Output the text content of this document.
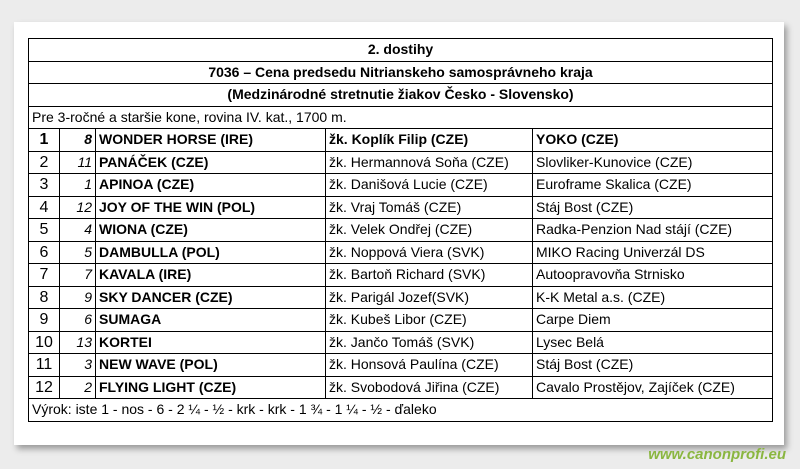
2. dostihy				
7036 – Cena predsedu Nitrianskeho samosprávneho kraja				
(Medzinárodné stretnutie žiakov Česko - Slovensko)				
Pre 3-ročné a staršie kone, rovina IV. kat., 1700 m.				
1	8	WONDER HORSE (IRE)	žk. Koplík Filip (CZE)	YOKO (CZE)
2	11	PANÁČEK (CZE)	žk. Hermannová Soňa (CZE)	Slovliker-Kunovice (CZE)
3	1	APINOA (CZE)	žk. Danišová Lucie (CZE)	Euroframe Skalica (CZE)
4	12	JOY OF THE WIN (POL)	žk. Vraj Tomáš (CZE)	Stáj Bost (CZE)
5	4	WIONA (CZE)	žk. Velek Ondřej (CZE)	Radka-Penzion Nad stájí (CZE)
6	5	DAMBULLA (POL)	žk. Noppová Viera (SVK)	MIKO Racing Univerzál DS
7	7	KAVALA (IRE)	žk. Bartoň Richard (SVK)	Autoopravovňa Strnisko
8	9	SKY DANCER (CZE)	žk. Parigál Jozef(SVK)	K-K Metal a.s. (CZE)
9	6	SUMAGA	žk. Kubeš Libor (CZE)	Carpe Diem
10	13	KORTEI	žk. Jančo Tomáš (SVK)	Lysec Belá
11	3	NEW WAVE (POL)	žk. Honsová Paulína (CZE)	Stáj Bost (CZE)
12	2	FLYING LIGHT (CZE)	žk. Svobodová Jiřina (CZE)	Cavalo Prostějov, Zajíček (CZE)
Výrok: iste 1 - nos - 6 - 2 ¼ - ½ - krk - krk - 1 ¾ - 1 ¼ - ½ - ďaleko				
www.canonprofi.eu
